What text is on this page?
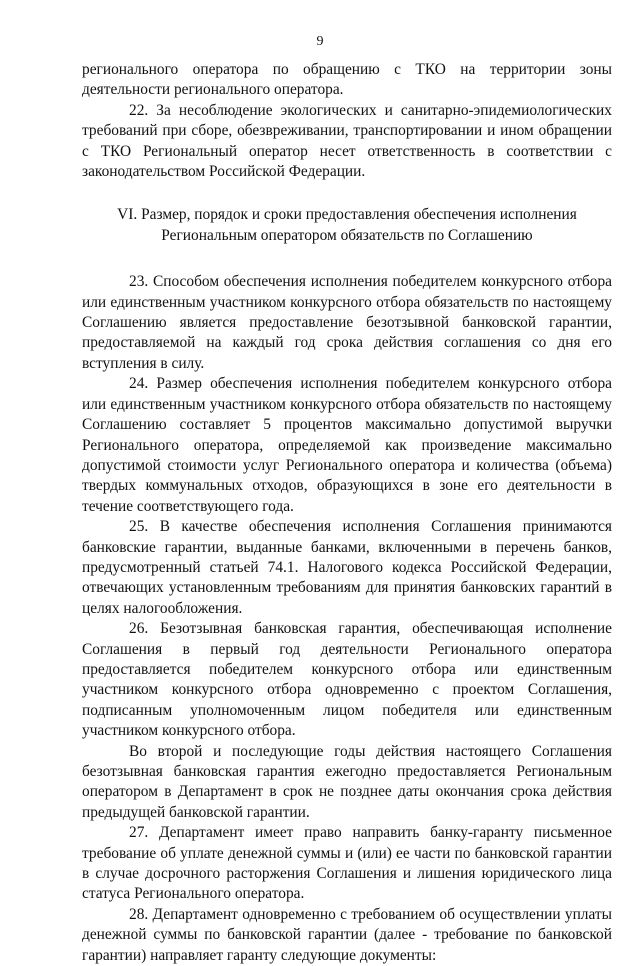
9

регионального оператора по обращению с ТКО на территории зоны деятельности регионального оператора.

22. За несоблюдение экологических и санитарно-эпидемиологических требований при сборе, обезвреживании, транспортировании и ином обращении с ТКО Региональный оператор несет ответственность в соответствии с законодательством Российской Федерации.

VI. Размер, порядок и сроки предоставления обеспечения исполнения
Региональным оператором обязательств по Соглашению

23. Способом обеспечения исполнения победителем конкурсного отбора или единственным участником конкурсного отбора обязательств по настоящему Соглашению является предоставление безотзывной банковской гарантии, предоставляемой на каждый год срока действия соглашения со дня его вступления в силу.

24. Размер обеспечения исполнения победителем конкурсного отбора или единственным участником конкурсного отбора обязательств по настоящему Соглашению составляет 5 процентов максимально допустимой выручки Регионального оператора, определяемой как произведение максимально допустимой стоимости услуг Регионального оператора и количества (объема) твердых коммунальных отходов, образующихся в зоне его деятельности в течение соответствующего года.

25. В качестве обеспечения исполнения Соглашения принимаются банковские гарантии, выданные банками, включенными в перечень банков, предусмотренный статьей 74.1. Налогового кодекса Российской Федерации, отвечающих установленным требованиям для принятия банковских гарантий в целях налогообложения.

26. Безотзывная банковская гарантия, обеспечивающая исполнение Соглашения в первый год деятельности Регионального оператора предоставляется победителем конкурсного отбора или единственным участником конкурсного отбора одновременно с проектом Соглашения, подписанным уполномоченным лицом победителя или единственным участником конкурсного отбора.

Во второй и последующие годы действия настоящего Соглашения безотзывная банковская гарантия ежегодно предоставляется Региональным оператором в Департамент в срок не позднее даты окончания срока действия предыдущей банковской гарантии.

27. Департамент имеет право направить банку-гаранту письменное требование об уплате денежной суммы и (или) ее части по банковской гарантии в случае досрочного расторжения Соглашения и лишения юридического лица статуса Регионального оператора.

28. Департамент одновременно с требованием об осуществлении уплаты денежной суммы по банковской гарантии (далее - требование по банковской гарантии) направляет гаранту следующие документы:
